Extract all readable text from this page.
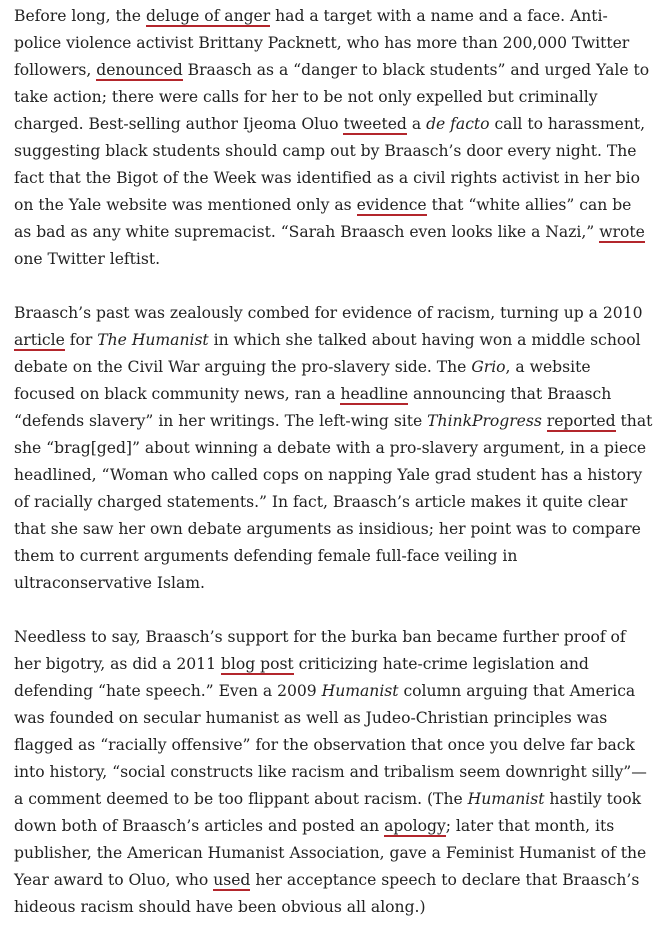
Before long, the deluge of anger had a target with a name and a face. Anti-police violence activist Brittany Packnett, who has more than 200,000 Twitter followers, denounced Braasch as a “danger to black students” and urged Yale to take action; there were calls for her to be not only expelled but criminally charged. Best-selling author Ijeoma Oluo tweeted a de facto call to harassment, suggesting black students should camp out by Braasch’s door every night. The fact that the Bigot of the Week was identified as a civil rights activist in her bio on the Yale website was mentioned only as evidence that “white allies” can be as bad as any white supremacist. “Sarah Braasch even looks like a Nazi,” wrote one Twitter leftist.

Braasch’s past was zealously combed for evidence of racism, turning up a 2010 article for The Humanist in which she talked about having won a middle school debate on the Civil War arguing the pro-slavery side. The Grio, a website focused on black community news, ran a headline announcing that Braasch “defends slavery” in her writings. The left-wing site ThinkProgress reported that she “brag[ged]” about winning a debate with a pro-slavery argument, in a piece headlined, “Woman who called cops on napping Yale grad student has a history of racially charged statements.” In fact, Braasch’s article makes it quite clear that she saw her own debate arguments as insidious; her point was to compare them to current arguments defending female full-face veiling in ultraconservative Islam.

Needless to say, Braasch’s support for the burka ban became further proof of her bigotry, as did a 2011 blog post criticizing hate-crime legislation and defending “hate speech.” Even a 2009 Humanist column arguing that America was founded on secular humanist as well as Judeo-Christian principles was flagged as “racially offensive” for the observation that once you delve far back into history, “social constructs like racism and tribalism seem downright silly”—a comment deemed to be too flippant about racism. (The Humanist hastily took down both of Braasch’s articles and posted an apology; later that month, its publisher, the American Humanist Association, gave a Feminist Humanist of the Year award to Oluo, who used her acceptance speech to declare that Braasch’s hideous racism should have been obvious all along.)
